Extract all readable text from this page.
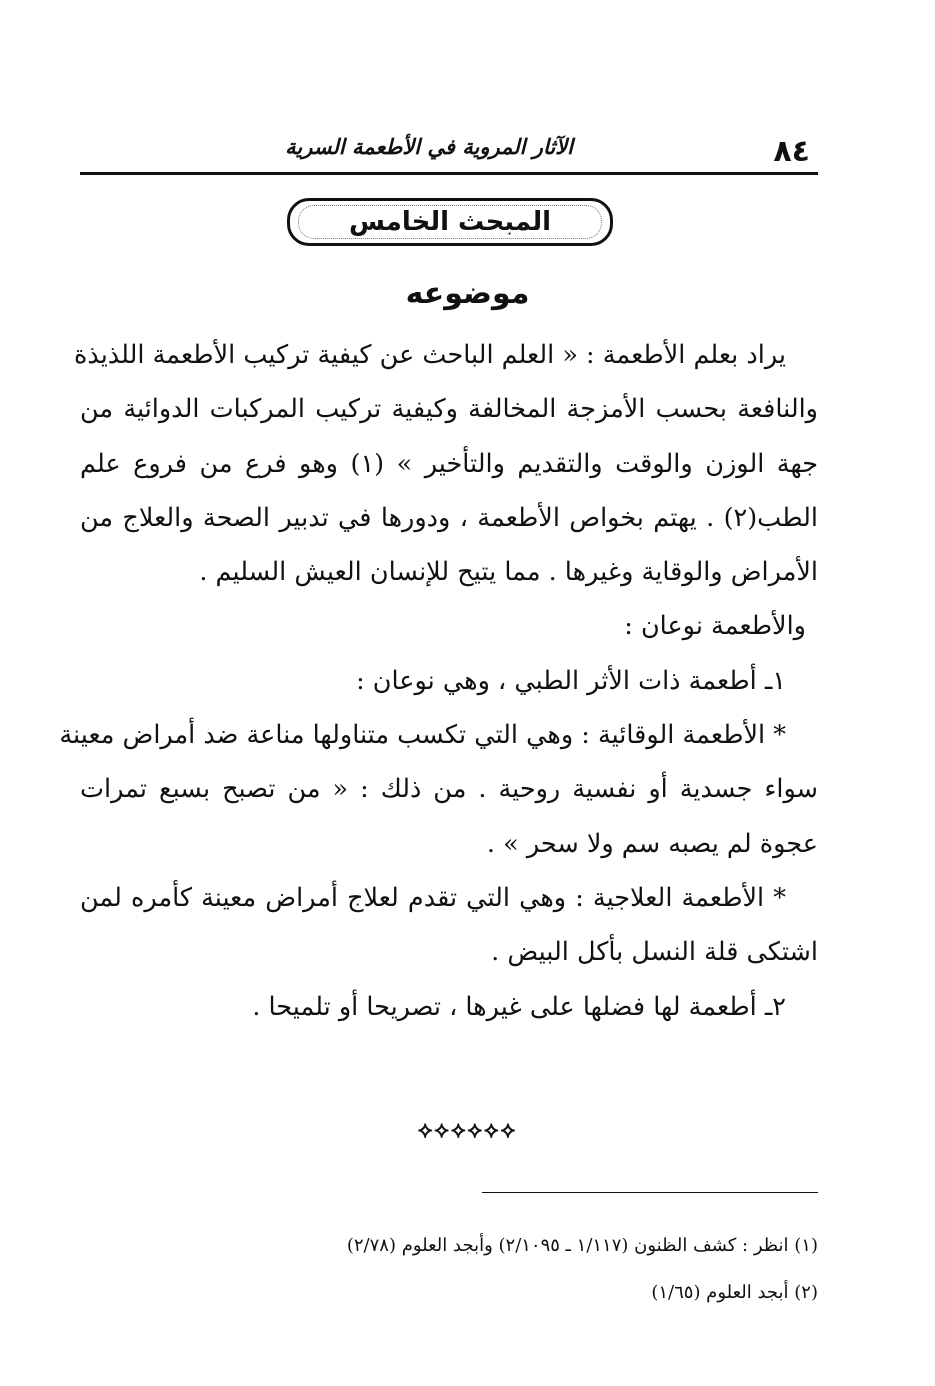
٨٤
الآثار المروية في الأطعمة السرية
المبحث الخامس
موضوعه
يراد بعلم الأطعمة : « العلم الباحث عن كيفية تركيب الأطعمة اللذيذة
والنافعة بحسب الأمزجة المخالفة وكيفية تركيب المركبات الدوائية من
جهة الوزن والوقت والتقديم والتأخير » (١) وهو فرع من فروع علم
الطب(٢) . يهتم بخواص الأطعمة ، ودورها في تدبير الصحة والعلاج من
الأمراض والوقاية وغيرها . مما يتيح للإنسان العيش السليم .
والأطعمة نوعان :
١ـ أطعمة ذات الأثر الطبي ، وهي نوعان :
* الأطعمة الوقائية : وهي التي تكسب متناولها مناعة ضد أمراض معينة
سواء جسدية أو نفسية روحية . من ذلك : « من تصبح بسبع تمرات
عجوة لم يصبه سم ولا سحر » .
* الأطعمة العلاجية : وهي التي تقدم لعلاج أمراض معينة كأمره لمن
اشتكى قلة النسل بأكل البيض .
٢ـ أطعمة لها فضلها على غيرها ، تصريحا أو تلميحا .
⟡⟡⟡⟡⟡⟡
(١) انظر : كشف الظنون (١/١١٧ ـ ٢/١٠٩٥) وأبجد العلوم (٢/٧٨)
(٢) أبجد العلوم (١/٦٥)
